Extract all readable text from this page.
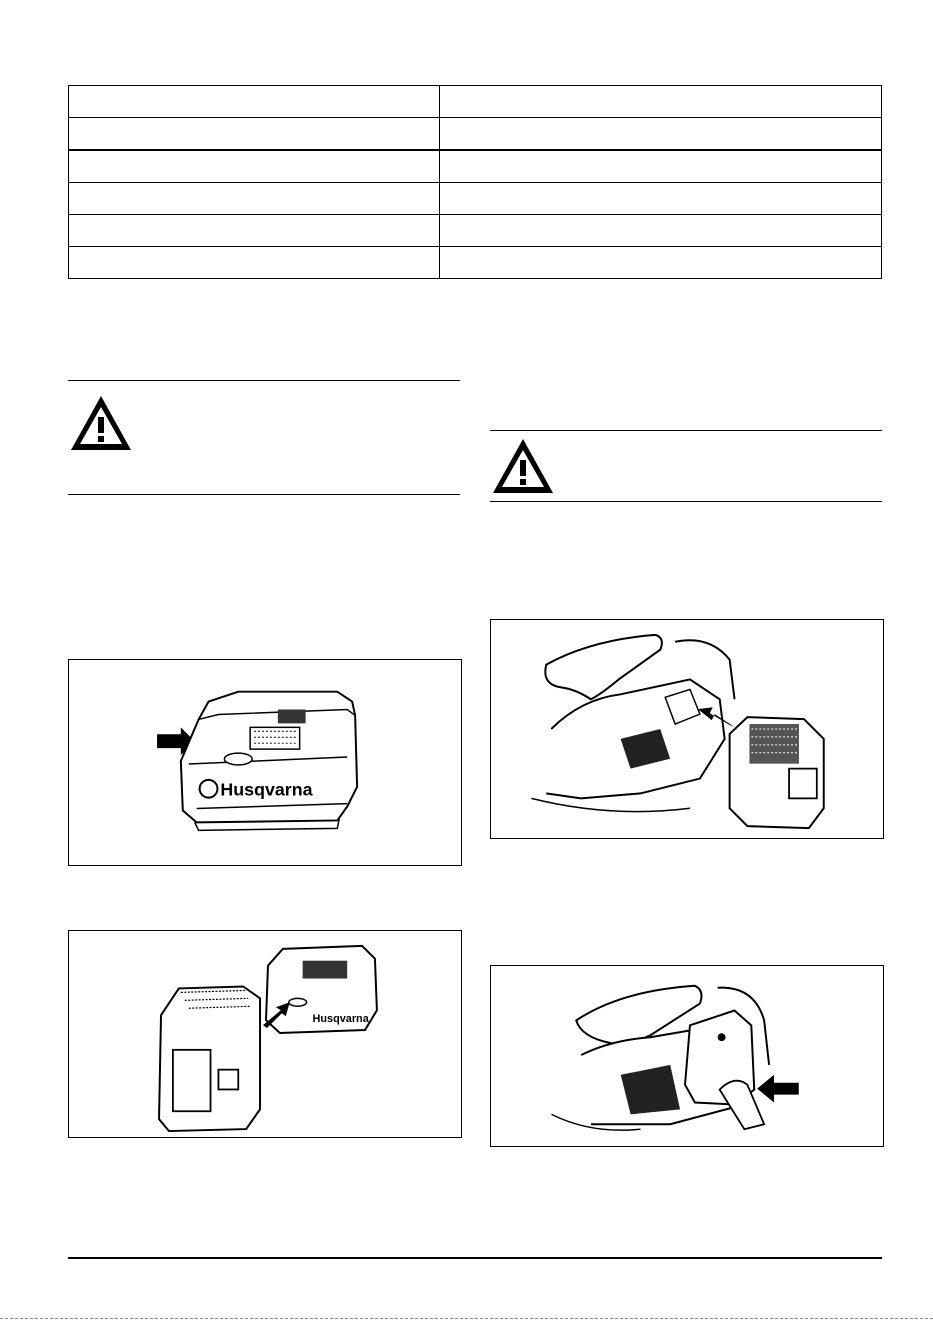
Husqvarna
Husqvarna
